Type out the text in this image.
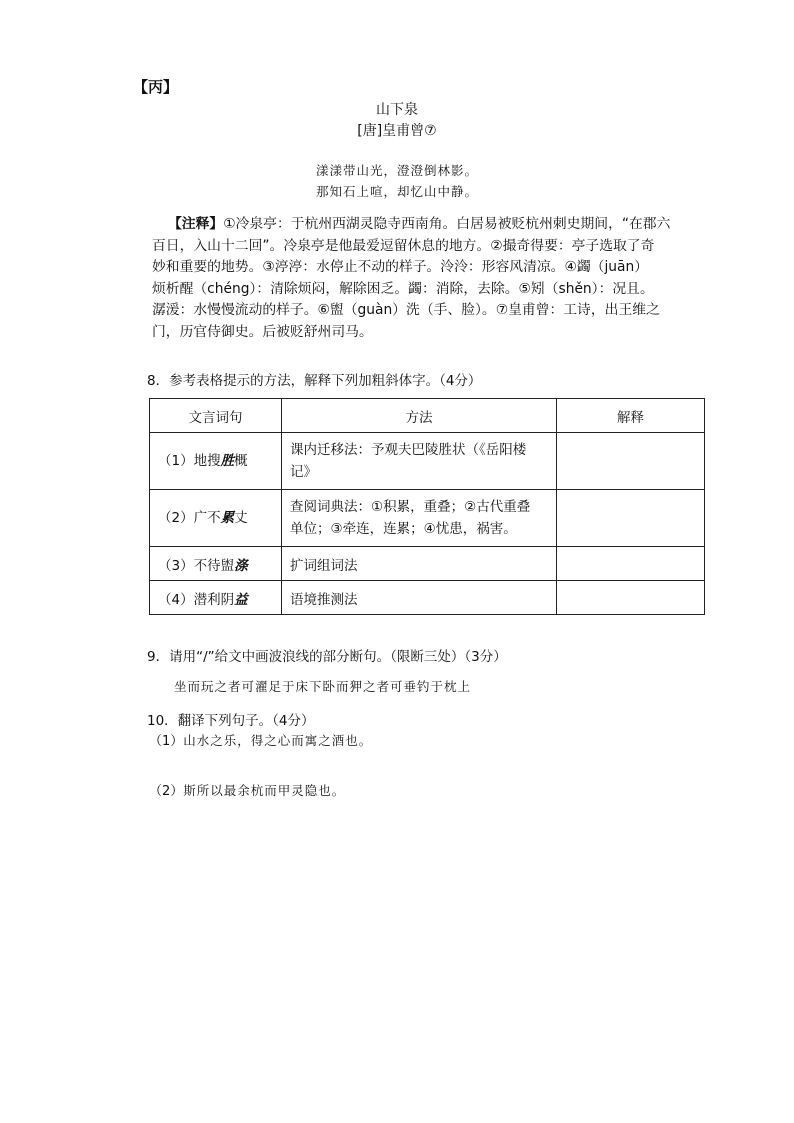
【丙】
山下泉
[唐]皇甫曾⑦
漾漾带山光，澄澄倒林影。
那知石上喧，却忆山中静。
【注释】①冷泉亭：于杭州西湖灵隐寺西南角。白居易被贬杭州刺史期间，“在郡六
百日，入山十二回”。冷泉亭是他最爱逗留休息的地方。②撮奇得要：亭子选取了奇
妙和重要的地势。③渟渟：水停止不动的样子。泠泠：形容风清凉。④蠲（juān）
烦析醒（chéng）：清除烦闷，解除困乏。蠲：消除，去除。⑤矧（shěn）：况且。
潺湲：水慢慢流动的样子。⑥盥（guàn）洗（手、脸）。⑦皇甫曾：工诗，出王维之
门，历官侍御史。后被贬舒州司马。
8．参考表格提示的方法，解释下列加粗斜体字。（4分）
文言词句	方法	解释
（1）地搜胜概	课内迁移法：予观夫巴陵胜状（《岳阳楼
记》	

（2）广不累丈	查阅词典法：①积累，重叠；②古代重叠
单位；③牵连，连累；④忧患，祸害。	

（3）不待盥涤	扩词组词法	
（4）潜利阴益	语境推测法	
9．请用“/”给文中画波浪线的部分断句。（限断三处）（3分）
坐而玩之者可濯足于床下卧而狎之者可垂钓于枕上
10．翻译下列句子。（4分）
（1）山水之乐，得之心而寓之酒也。
（2）斯所以最余杭而甲灵隐也。
